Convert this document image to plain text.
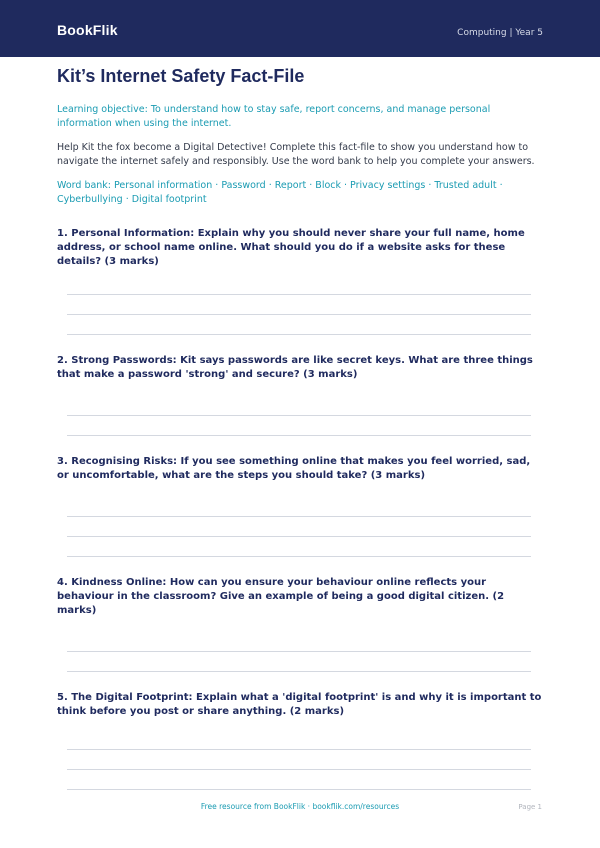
BookFlik	Computing | Year 5
Kit’s Internet Safety Fact-File

Learning objective: To understand how to stay safe, report concerns, and manage personal information when using the internet.

Help Kit the fox become a Digital Detective! Complete this fact-file to show you understand how to navigate the internet safely and responsibly. Use the word bank to help you complete your answers.

Word bank: Personal information · Password · Report · Block · Privacy settings · Trusted adult · Cyberbullying · Digital footprint

1. Personal Information: Explain why you should never share your full name, home address, or school name online. What should you do if a website asks for these details? (3 marks)

2. Strong Passwords: Kit says passwords are like secret keys. What are three things that make a password 'strong' and secure? (3 marks)

3. Recognising Risks: If you see something online that makes you feel worried, sad, or uncomfortable, what are the steps you should take? (3 marks)

4. Kindness Online: How can you ensure your behaviour online reflects your behaviour in the classroom? Give an example of being a good digital citizen. (2 marks)

5. The Digital Footprint: Explain what a 'digital footprint' is and why it is important to think before you post or share anything. (2 marks)

Free resource from BookFlik · bookflik.com/resources	Page 1
